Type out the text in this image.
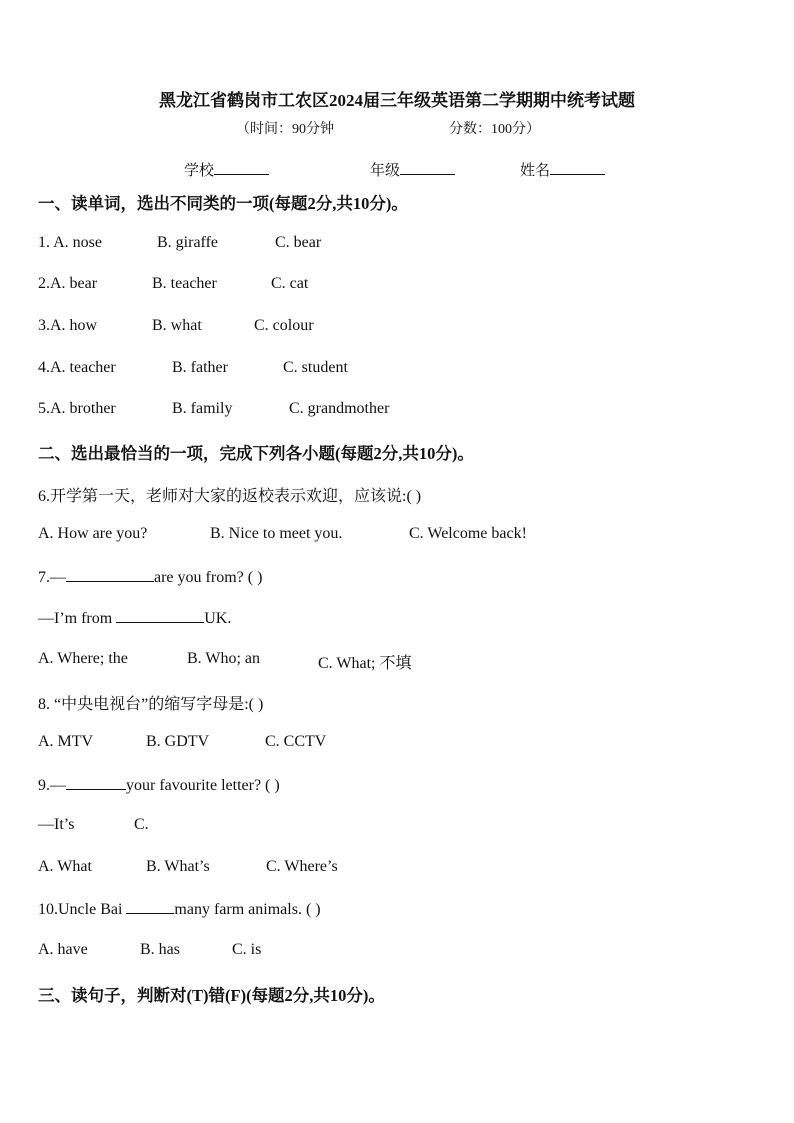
黑龙江省鹤岗市工农区2024届三年级英语第二学期期中统考试题
（时间：90分钟	分数：100分）
学校	年级	姓名
一、读单词，选出不同类的一项(每题2分,共10分)。
1. A. nose	B. giraffe	C. bear
2.A. bear	B. teacher	C. cat
3.A. how	B. what	C. colour
4.A. teacher	B. father	C. student
5.A. brother	B. family	C. grandmother
二、选出最恰当的一项，完成下列各小题(每题2分,共10分)。
6.开学第一天，老师对大家的返校表示欢迎，应该说:( )
A. How are you?	B. Nice to meet you.	C. Welcome back!
7.—	are you from? ( )
—I’m from	UK.
A. Where; the	B. Who; an	C. What; 不填
8. “中央电视台”的缩写字母是:( )
A. MTV	B. GDTV	C. CCTV
9.—	your favourite letter? ( )
—It’s	C.
A. What	B. What’s	C. Where’s
10.Uncle Bai	many farm animals. ( )
A. have	B. has	C. is
三、读句子，判断对(T)错(F)(每题2分,共10分)。
